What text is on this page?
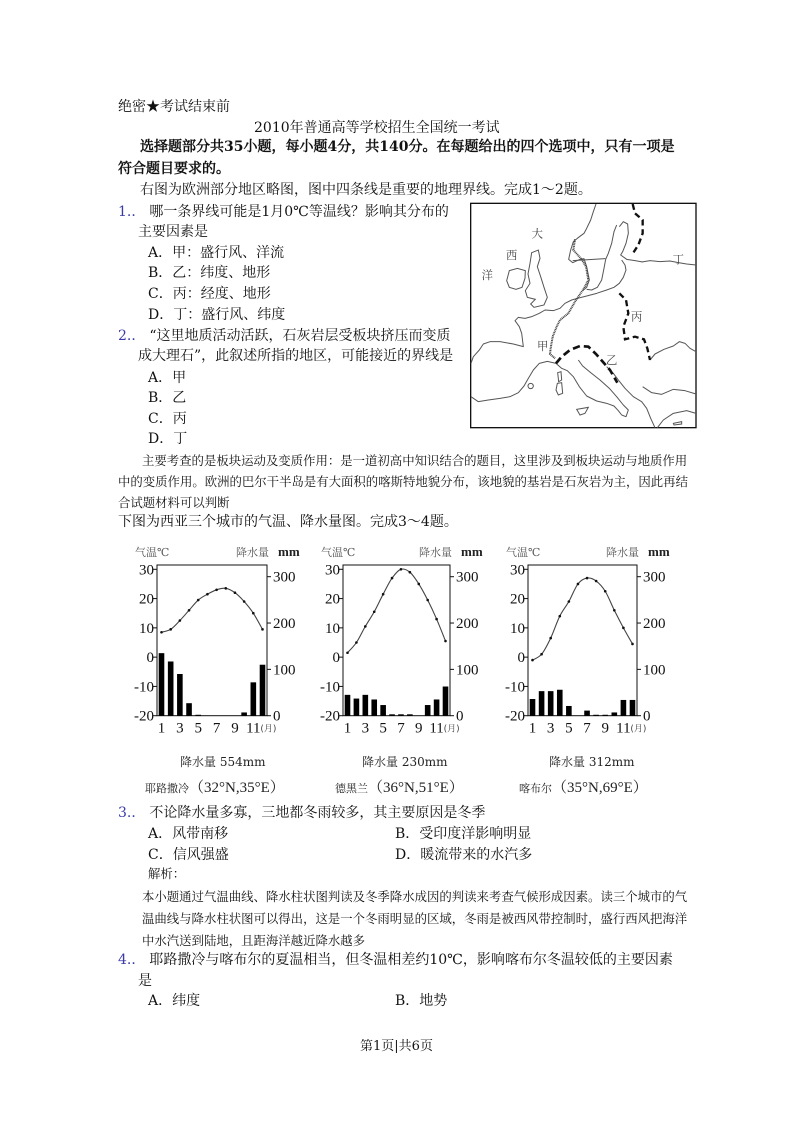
绝密★考试结束前
2010年普通高等学校招生全国统一考试
选择题部分共35小题，每小题4分，共140分。在每题给出的四个选项中，只有一项是
符合题目要求的。
右图为欧洲部分地区略图，图中四条线是重要的地理界线。完成1～2题。
1.． 哪一条界线可能是1月0℃等温线？影响其分布的
主要因素是
A．甲：盛行风、洋流
B．乙：纬度、地形
C．丙：经度、地形
D．丁：盛行风、纬度
2.． “这里地质活动活跃，石灰岩层受板块挤压而变质
成大理石”，此叙述所指的地区，可能接近的界线是
A．甲
B．乙
C．丙
D．丁
大
西
洋
甲
乙
丙
丁
主要考查的是板块运动及变质作用：是一道初高中知识结合的题目，这里涉及到板块运动与地质作用
中的变质作用。欧洲的巴尔干半岛是有大面积的喀斯特地貌分布，该地貌的基岩是石灰岩为主，因此再结
合试题材料可以判断
下图为西亚三个城市的气温、降水量图。完成3～4题。
30
20
10
0
-10
-20
300
200
100
0
气温℃	降水量 mm
1 3 5 7 9 11 (月)
30
20
10
0
-10
-20
300
200
100
0
气温℃	降水量 mm
1 3 5 7 9 11 (月)
30
20
10
0
-10
-20
300
200
100
0
气温℃	降水量 mm
1 3 5 7 9 11 (月)
降水量 554mm
耶路撒冷（32°N,35°E）
降水量 230mm
德黑兰（36°N,51°E）
降水量 312mm
喀布尔（35°N,69°E）
3.． 不论降水量多寡，三地都冬雨较多，其主要原因是冬季
A．风带南移	B．受印度洋影响明显
C．信风强盛	D．暖流带来的水汽多
解析：
本小题通过气温曲线、降水柱状图判读及冬季降水成因的判读来考查气候形成因素。读三个城市的气
温曲线与降水柱状图可以得出，这是一个冬雨明显的区域，冬雨是被西风带控制时，盛行西风把海洋
中水汽送到陆地，且距海洋越近降水越多
4.． 耶路撒冷与喀布尔的夏温相当，但冬温相差约10℃，影响喀布尔冬温较低的主要因素
是
A．纬度	B．地势
第1页|共6页
